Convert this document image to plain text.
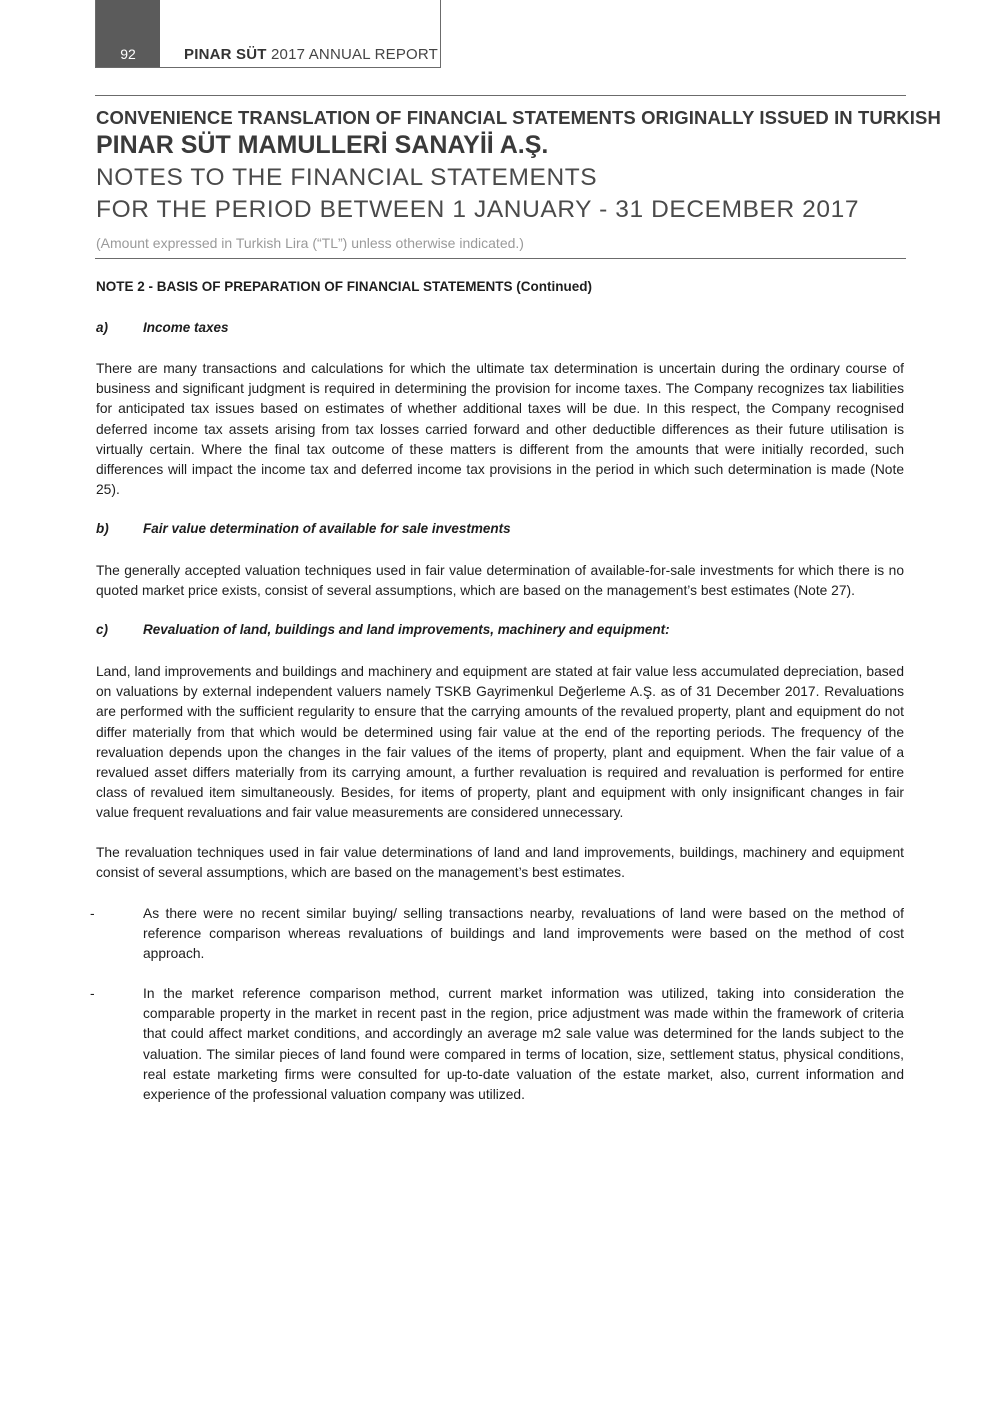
92	PINAR SÜT 2017 ANNUAL REPORT
CONVENIENCE TRANSLATION OF FINANCIAL STATEMENTS ORIGINALLY ISSUED IN TURKISH
PINAR SÜT MAMULLERİ SANAYİİ A.Ş.
NOTES TO THE FINANCIAL STATEMENTS
FOR THE PERIOD BETWEEN 1 JANUARY - 31 DECEMBER 2017
(Amount expressed in Turkish Lira (“TL”) unless otherwise indicated.)
NOTE 2 - BASIS OF PREPARATION OF FINANCIAL STATEMENTS (Continued)
a)	Income taxes

There are many transactions and calculations for which the ultimate tax determination is uncertain during the ordinary course of business and significant judgment is required in determining the provision for income taxes. The Company recognizes tax liabilities for anticipated tax issues based on estimates of whether additional taxes will be due. In this respect, the Company recognised deferred income tax assets arising from tax losses carried forward and other deductible differences as their future utilisation is virtually certain. Where the final tax outcome of these matters is different from the amounts that were initially recorded, such differences will impact the income tax and deferred income tax provisions in the period in which such determination is made (Note 25).

b)	Fair value determination of available for sale investments

The generally accepted valuation techniques used in fair value determination of available-for-sale investments for which there is no quoted market price exists, consist of several assumptions, which are based on the management’s best estimates (Note 27).

c)	Revaluation of land, buildings and land improvements, machinery and equipment:

Land, land improvements and buildings and machinery and equipment are stated at fair value less accumulated depreciation, based on valuations by external independent valuers namely TSKB Gayrimenkul Değerleme A.Ş. as of 31 December 2017. Revaluations are performed with the sufficient regularity to ensure that the carrying amounts of the revalued property, plant and equipment do not differ materially from that which would be determined using fair value at the end of the reporting periods. The frequency of the revaluation depends upon the changes in the fair values of the items of property, plant and equipment. When the fair value of a revalued asset differs materially from its carrying amount, a further revaluation is required and revaluation is performed for entire class of revalued item simultaneously. Besides, for items of property, plant and equipment with only insignificant changes in fair value frequent revaluations and fair value measurements are considered unnecessary.

The revaluation techniques used in fair value determinations of land and land improvements, buildings, machinery and equipment consist of several assumptions, which are based on the management’s best estimates.

-	As there were no recent similar buying/ selling transactions nearby, revaluations of land were based on the method of reference comparison whereas revaluations of buildings and land improvements were based on the method of cost approach.

-	In the market reference comparison method, current market information was utilized, taking into consideration the comparable property in the market in recent past in the region, price adjustment was made within the framework of criteria that could affect market conditions, and accordingly an average m2 sale value was determined for the lands subject to the valuation. The similar pieces of land found were compared in terms of location, size, settlement status, physical conditions, real estate marketing firms were consulted for up-to-date valuation of the estate market, also, current information and experience of the professional valuation company was utilized.
